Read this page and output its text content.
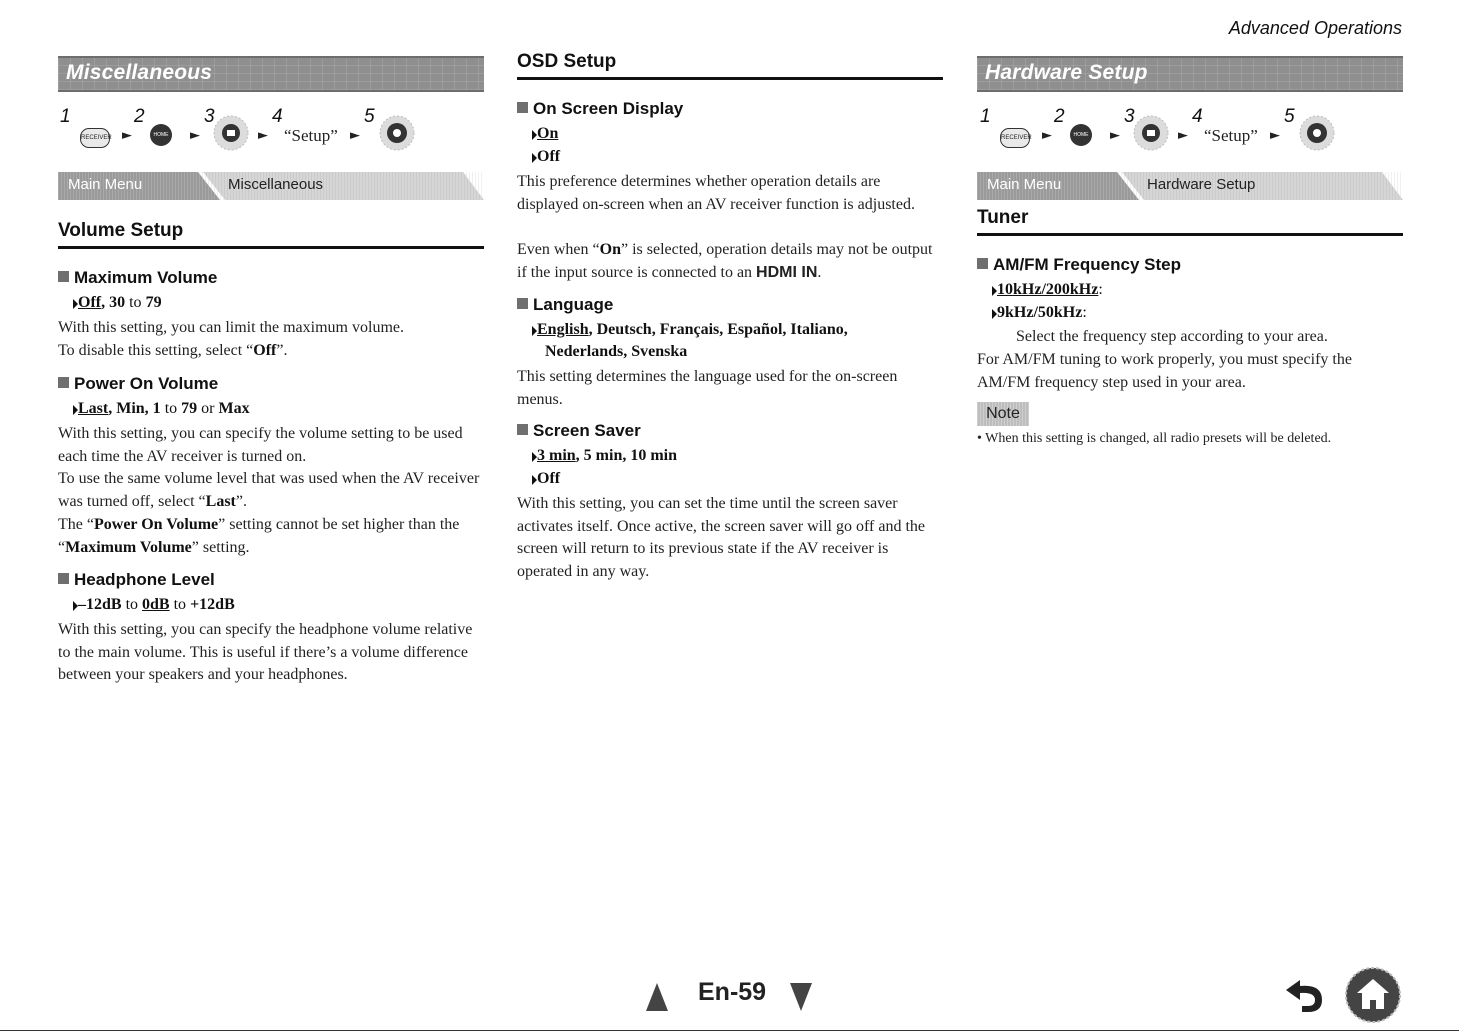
Advanced Operations
Miscellaneous
1
RECEIVER ►
2
HOME ►
3
►
4
“Setup” ►
5
Main Menu	Miscellaneous
Volume Setup
Maximum Volume
Off, 30 to 79
With this setting, you can limit the maximum volume.
To disable this setting, select “Off”.
Power On Volume
Last, Min, 1 to 79 or Max
With this setting, you can specify the volume setting to be used each time the AV receiver is turned on.
To use the same volume level that was used when the AV receiver was turned off, select “Last”.
The “Power On Volume” setting cannot be set higher than the “Maximum Volume” setting.
Headphone Level
–12dB to 0dB to +12dB
With this setting, you can specify the headphone volume relative to the main volume. This is useful if there’s a volume difference between your speakers and your headphones.
OSD Setup
On Screen Display
On
Off
This preference determines whether operation details are displayed on-screen when an AV receiver function is adjusted.
Even when “On” is selected, operation details may not be output if the input source is connected to an HDMI IN.
Language
English, Deutsch, Français, Español, Italiano,
Nederlands, Svenska
This setting determines the language used for the on-screen menus.
Screen Saver
3 min, 5 min, 10 min
Off
With this setting, you can set the time until the screen saver activates itself. Once active, the screen saver will go off and the screen will return to its previous state if the AV receiver is operated in any way.
Hardware Setup
1
RECEIVER ►
2
HOME ►
3
►
4
“Setup” ►
5
Main Menu	Hardware Setup
Tuner
AM/FM Frequency Step
10kHz/200kHz:
9kHz/50kHz:
Select the frequency step according to your area.
For AM/FM tuning to work properly, you must specify the AM/FM frequency step used in your area.
Note
• When this setting is changed, all radio presets will be deleted.
En-59
